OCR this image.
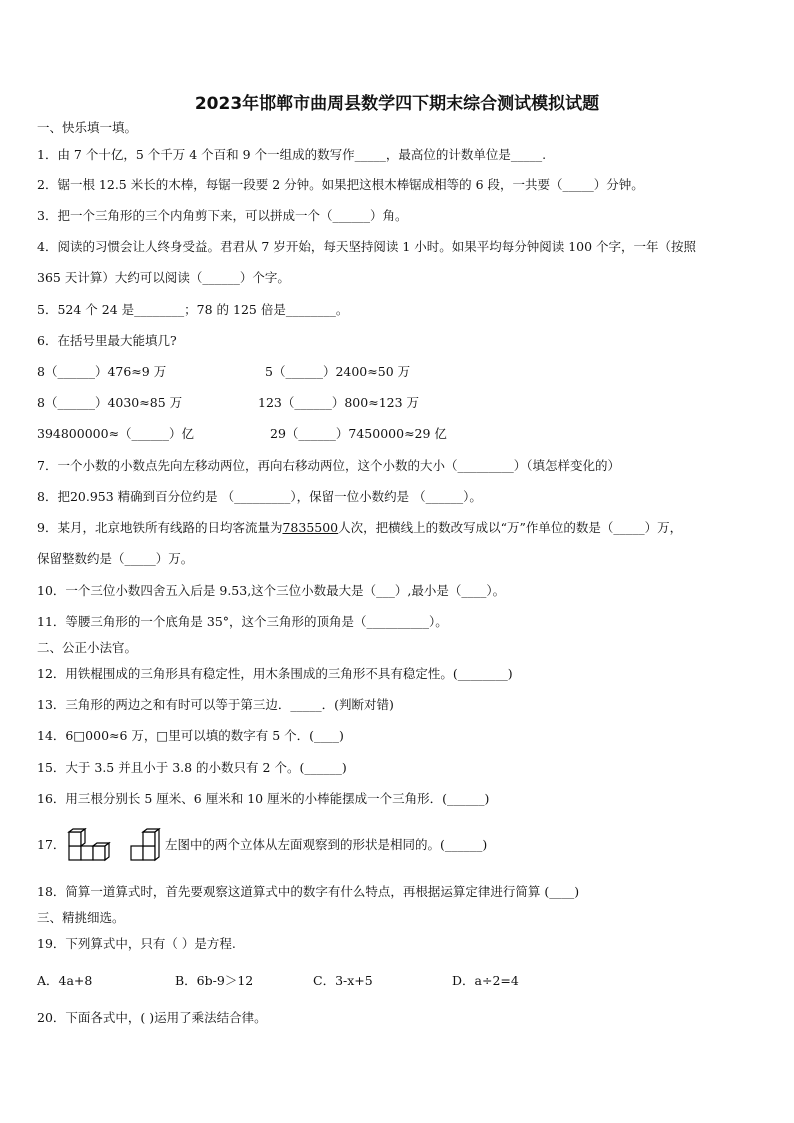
2023年邯郸市曲周县数学四下期末综合测试模拟试题
一、快乐填一填。
1．由 7 个十亿，5 个千万 4 个百和 9 个一组成的数写作_____，最高位的计数单位是_____.
2．锯一根 12.5 米长的木棒，每锯一段要 2 分钟。如果把这根木棒锯成相等的 6 段，一共要（_____）分钟。
3．把一个三角形的三个内角剪下来，可以拼成一个（______）角。
4．阅读的习惯会让人终身受益。君君从 7 岁开始，每天坚持阅读 1 小时。如果平均每分钟阅读 100 个字，一年（按照
365 天计算）大约可以阅读（______）个字。
5．524 个 24 是________；78 的 125 倍是________。
6．在括号里最大能填几?
8（______）476≈9 万	5（______）2400≈50 万
8（______）4030≈85 万	123（______）800≈123 万
394800000≈（______）亿	29（______）7450000≈29 亿
7．一个小数的小数点先向左移动两位，再向右移动两位，这个小数的大小（_________）（填怎样变化的）
8．把20.953 精确到百分位约是 （_________），保留一位小数约是 （______）。
9．某月，北京地铁所有线路的日均客流量为7835500人次，把横线上的数改写成以“万”作单位的数是（_____）万，
保留整数约是（_____）万。
10．一个三位小数四舍五入后是 9.53,这个三位小数最大是（___）,最小是（____）。
11．等腰三角形的一个底角是 35°，这个三角形的顶角是（__________）。
二、公正小法官。
12．用铁棍围成的三角形具有稳定性，用木条围成的三角形不具有稳定性。(________)
13．三角形的两边之和有时可以等于第三边．_____．(判断对错)
14．6□000≈6 万，□里可以填的数字有 5 个．(____)
15．大于 3.5 并且小于 3.8 的小数只有 2 个。(______)
16．用三根分别长 5 厘米、6 厘米和 10 厘米的小棒能摆成一个三角形．(______)
17．	左图中的两个立体从左面观察到的形状是相同的。(______)
18．简算一道算式时，首先要观察这道算式中的数字有什么特点，再根据运算定律进行简算 (____)
三、精挑细选。
19．下列算式中，只有（ ）是方程.
A．4a+8	B．6b-9＞12	C．3-x+5	D．a÷2=4
20．下面各式中，( )运用了乘法结合律。
